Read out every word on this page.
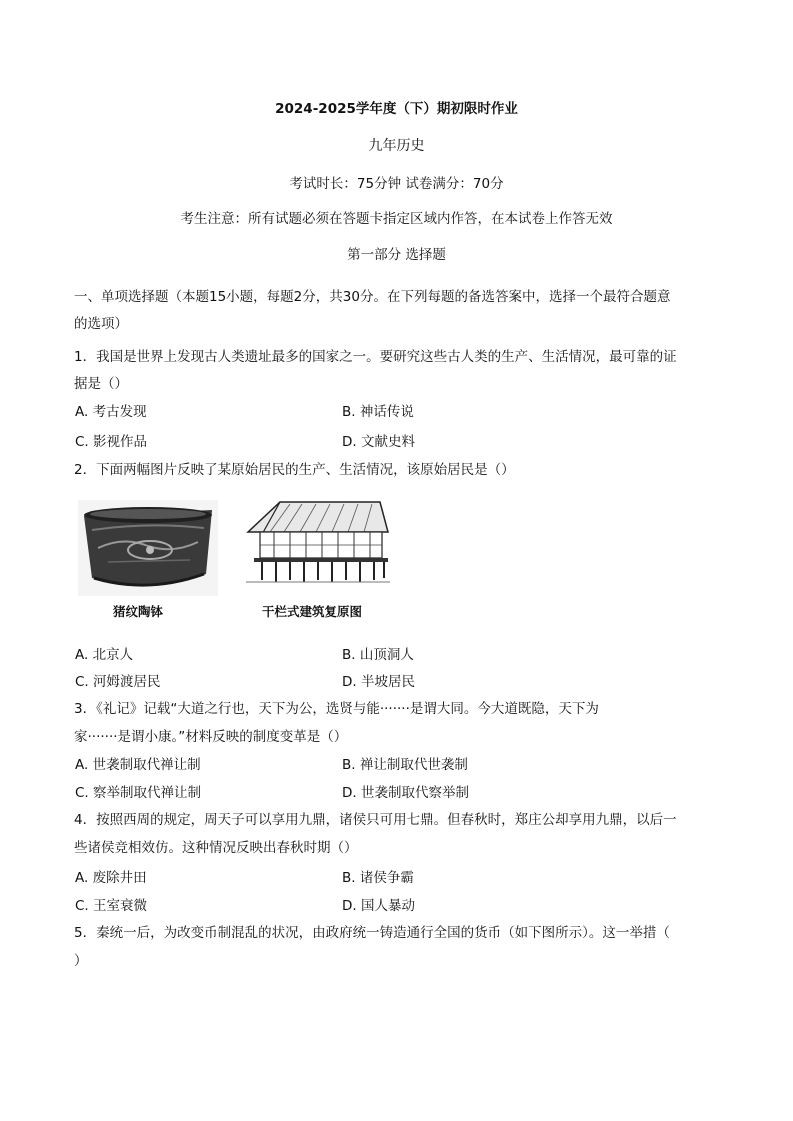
2024-2025学年度（下）期初限时作业
九年历史
考试时长：75分钟 试卷满分：70分
考生注意：所有试题必须在答题卡指定区域内作答，在本试卷上作答无效
第一部分 选择题
一、单项选择题（本题15小题，每题2分，共30分。在下列每题的备选答案中，选择一个最符合题意
的选项）
1．我国是世界上发现古人类遗址最多的国家之一。要研究这些古人类的生产、生活情况，最可靠的证
据是（）
A. 考古发现	B. 神话传说
C. 影视作品	D. 文献史料
2．下面两幅图片反映了某原始居民的生产、生活情况，该原始居民是（）
猪纹陶钵	干栏式建筑复原图
A. 北京人	B. 山顶洞人
C. 河姆渡居民	D. 半坡居民
3．《礼记》记载“大道之行也，天下为公，选贤与能·······是谓大同。今大道既隐，天下为
家·······是谓小康。”材料反映的制度变革是（）
A. 世袭制取代禅让制	B. 禅让制取代世袭制
C. 察举制取代禅让制	D. 世袭制取代察举制
4．按照西周的规定，周天子可以享用九鼎，诸侯只可用七鼎。但春秋时，郑庄公却享用九鼎，以后一
些诸侯竞相效仿。这种情况反映出春秋时期（）
A. 废除井田	B. 诸侯争霸
C. 王室衰微	D. 国人暴动
5．秦统一后，为改变币制混乱的状况，由政府统一铸造通行全国的货币（如下图所示）。这一举措（
）
